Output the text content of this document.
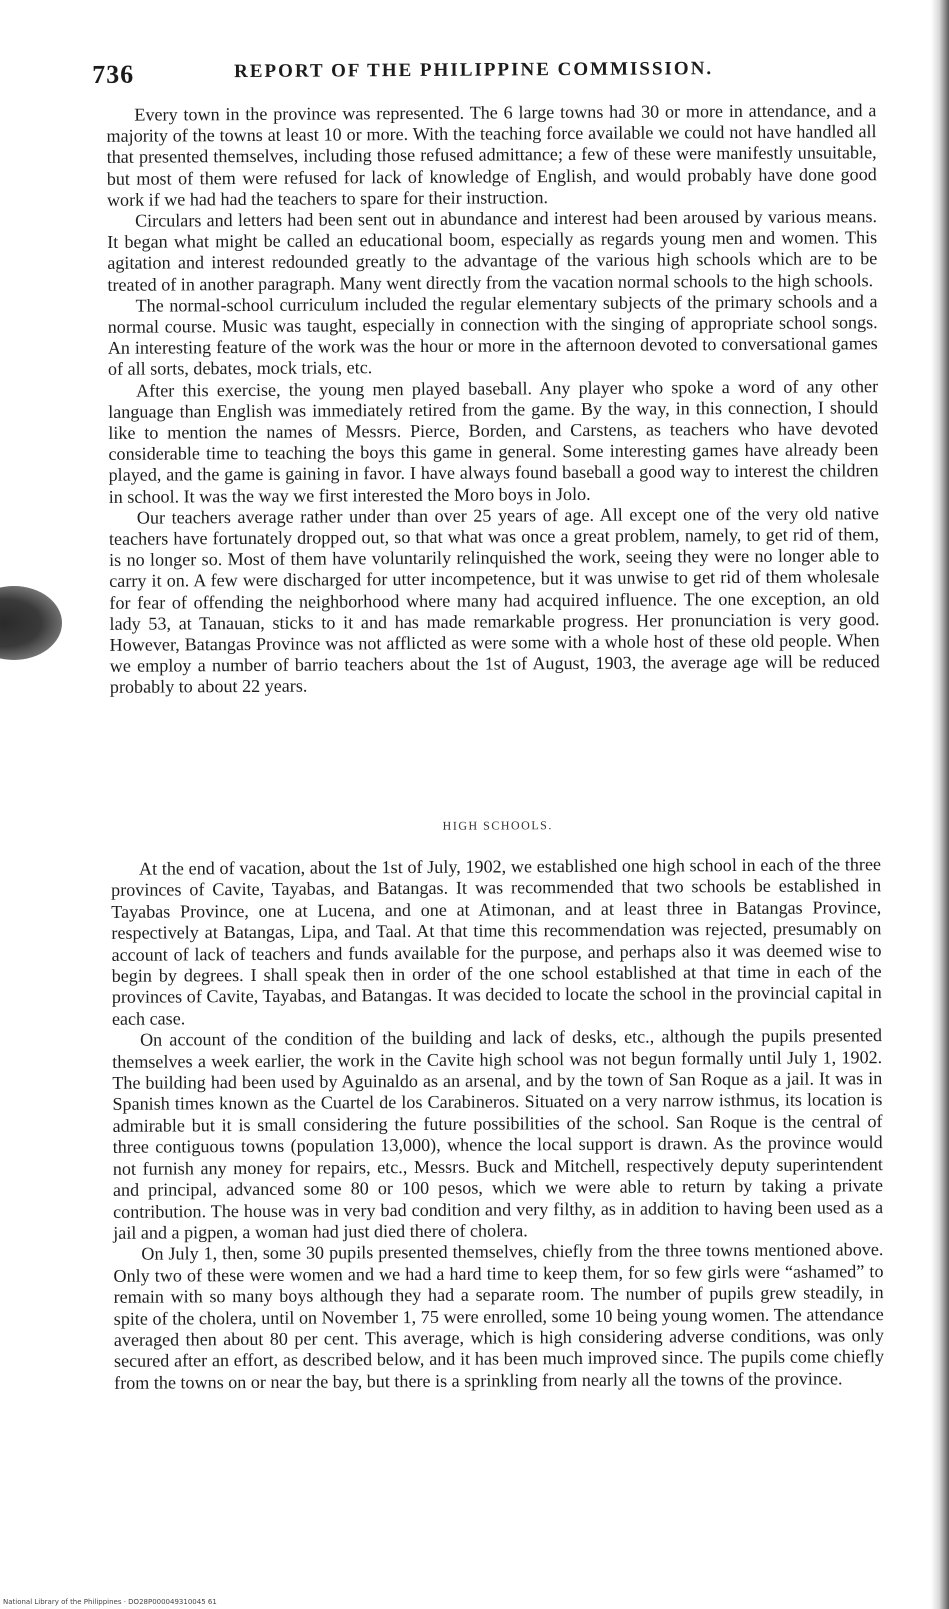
736	REPORT OF THE PHILIPPINE COMMISSION.

Every town in the province was represented. The 6 large towns had 30 or more in attendance, and a majority of the towns at least 10 or more. With the teaching force available we could not have handled all that presented themselves, including those refused admittance; a few of these were manifestly unsuitable, but most of them were refused for lack of knowledge of English, and would probably have done good work if we had had the teachers to spare for their instruction.

Circulars and letters had been sent out in abundance and interest had been aroused by various means. It began what might be called an educational boom, especially as regards young men and women. This agitation and interest redounded greatly to the advantage of the various high schools which are to be treated of in another paragraph. Many went directly from the vacation normal schools to the high schools.

The normal-school curriculum included the regular elementary subjects of the primary schools and a normal course. Music was taught, especially in connection with the singing of appropriate school songs. An interesting feature of the work was the hour or more in the afternoon devoted to conversational games of all sorts, debates, mock trials, etc.

After this exercise, the young men played baseball. Any player who spoke a word of any other language than English was immediately retired from the game. By the way, in this connection, I should like to mention the names of Messrs. Pierce, Borden, and Carstens, as teachers who have devoted considerable time to teaching the boys this game in general. Some interesting games have already been played, and the game is gaining in favor. I have always found baseball a good way to interest the children in school. It was the way we first interested the Moro boys in Jolo.

Our teachers average rather under than over 25 years of age. All except one of the very old native teachers have fortunately dropped out, so that what was once a great problem, namely, to get rid of them, is no longer so. Most of them have voluntarily relinquished the work, seeing they were no longer able to carry it on. A few were discharged for utter incompetence, but it was unwise to get rid of them wholesale for fear of offending the neighborhood where many had acquired influence. The one exception, an old lady 53, at Tanauan, sticks to it and has made remarkable progress. Her pronunciation is very good. However, Batangas Province was not afflicted as were some with a whole host of these old people. When we employ a number of barrio teachers about the 1st of August, 1903, the average age will be reduced probably to about 22 years.

HIGH SCHOOLS.

At the end of vacation, about the 1st of July, 1902, we established one high school in each of the three provinces of Cavite, Tayabas, and Batangas. It was recommended that two schools be established in Tayabas Province, one at Lucena, and one at Atimonan, and at least three in Batangas Province, respectively at Batangas, Lipa, and Taal. At that time this recommendation was rejected, presumably on account of lack of teachers and funds available for the purpose, and perhaps also it was deemed wise to begin by degrees. I shall speak then in order of the one school established at that time in each of the provinces of Cavite, Tayabas, and Batangas. It was decided to locate the school in the provincial capital in each case.

On account of the condition of the building and lack of desks, etc., although the pupils presented themselves a week earlier, the work in the Cavite high school was not begun formally until July 1, 1902. The building had been used by Aguinaldo as an arsenal, and by the town of San Roque as a jail. It was in Spanish times known as the Cuartel de los Carabineros. Situated on a very narrow isthmus, its location is admirable but it is small considering the future possibilities of the school. San Roque is the central of three contiguous towns (population 13,000), whence the local support is drawn. As the province would not furnish any money for repairs, etc., Messrs. Buck and Mitchell, respectively deputy superintendent and principal, advanced some 80 or 100 pesos, which we were able to return by taking a private contribution. The house was in very bad condition and very filthy, as in addition to having been used as a jail and a pigpen, a woman had just died there of cholera.

On July 1, then, some 30 pupils presented themselves, chiefly from the three towns mentioned above. Only two of these were women and we had a hard time to keep them, for so few girls were “ashamed” to remain with so many boys although they had a separate room. The number of pupils grew steadily, in spite of the cholera, until on November 1, 75 were enrolled, some 10 being young women. The attendance averaged then about 80 per cent. This average, which is high considering adverse conditions, was only secured after an effort, as described below, and it has been much improved since. The pupils come chiefly from the towns on or near the bay, but there is a sprinkling from nearly all the towns of the province.

National Library of the Philippines · DO28P000049310045 61
